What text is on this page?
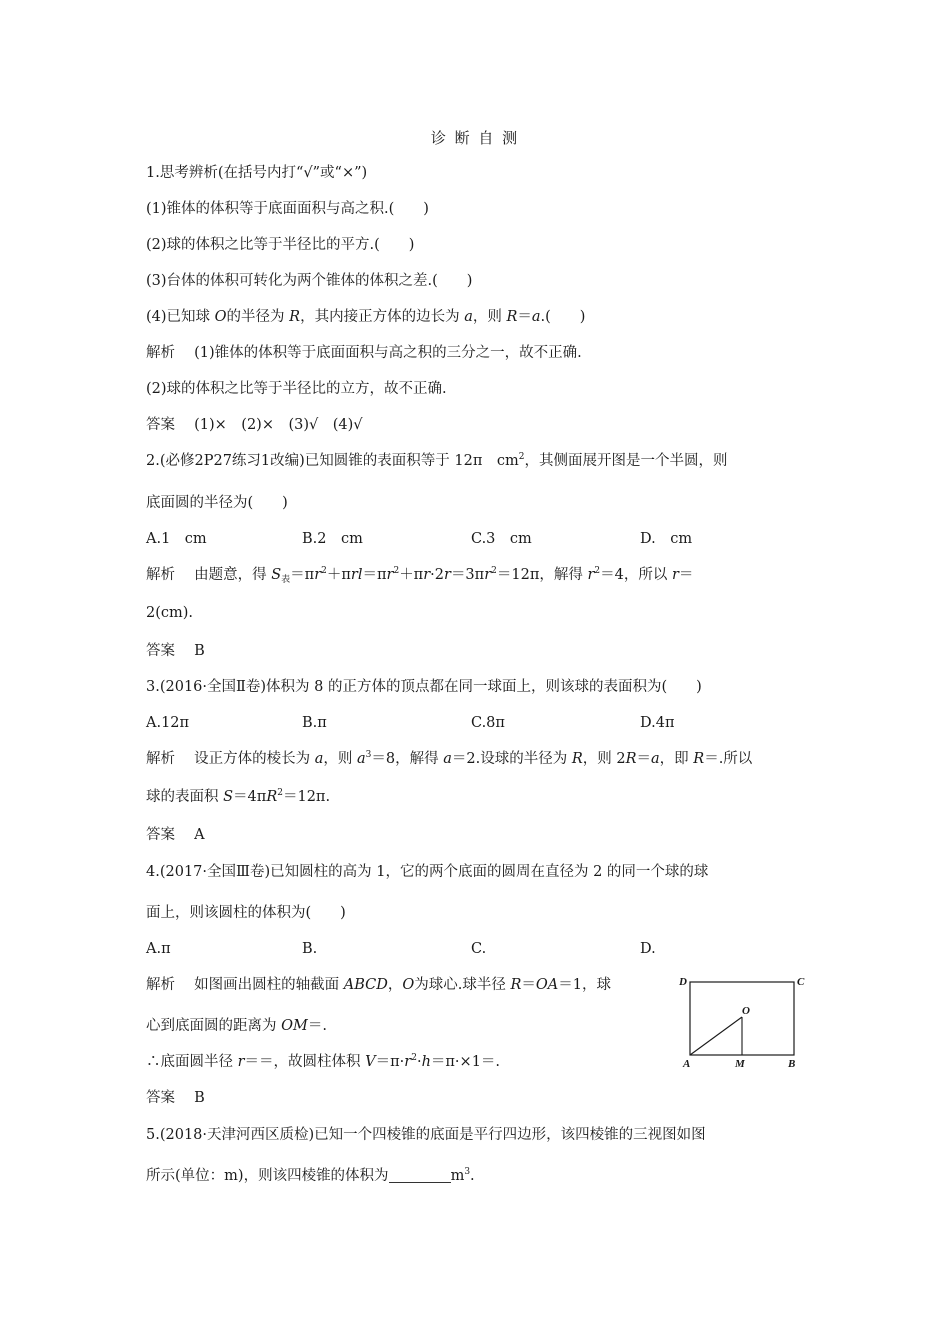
诊 断 自 测
1.思考辨析(在括号内打“√”或“×”)
(1)锥体的体积等于底面面积与高之积.(　　)
(2)球的体积之比等于半径比的平方.(　　)
(3)台体的体积可转化为两个锥体的体积之差.(　　)
(4)已知球 O的半径为 R，其内接正方体的边长为 a，则 R＝a.(　　)
解析　 (1)锥体的体积等于底面面积与高之积的三分之一，故不正确.
(2)球的体积之比等于半径比的立方，故不正确.
答案　 (1)×　(2)×　(3)√　(4)√
2.(必修2P27练习1改编)已知圆锥的表面积等于 12π　$cm^2$，其侧面展开图是一个半圆，则
底面圆的半径为(　　)
A.1　cm	B.2　cm	C.3　cm	D.　cm
解析　 由题意，得 $S_表=\pi r^2+\pi rl=\pi r^2+\pi r\cdot 2r=3\pi r^2=12\pi$，解得 $r^2=4$，所以 r＝
2(cm).
答案　 B
3.(2016·全国Ⅱ卷)体积为 8 的正方体的顶点都在同一球面上，则该球的表面积为(　　)
A.12π	B.π	C.8π	D.4π
解析　 设正方体的棱长为 a，则 $a^3=8$，解得 a＝2.设球的半径为 R，则 2R＝a，即 R＝.所以
球的表面积 $S=4\pi R^2=12\pi$.
答案　 A
4.(2017·全国Ⅲ卷)已知圆柱的高为 1，它的两个底面的圆周在直径为 2 的同一个球的球
面上，则该圆柱的体积为(　　)
A.π	B.	C.	D.
解析　 如图画出圆柱的轴截面 ABCD，O为球心.球半径 R＝OA＝1，球
心到底面圆的距离为 OM＝.
∴底面圆半径 r＝＝，故圆柱体积 $V=\pi\cdot r^2\cdot h=\pi\cdot\times 1=$.
答案　 B
D	C
O
A	M	B
5.(2018·天津河西区质检)已知一个四棱锥的底面是平行四边形，该四棱锥的三视图如图
所示(单位：m)，则该四棱锥的体积为	$m^3$.
